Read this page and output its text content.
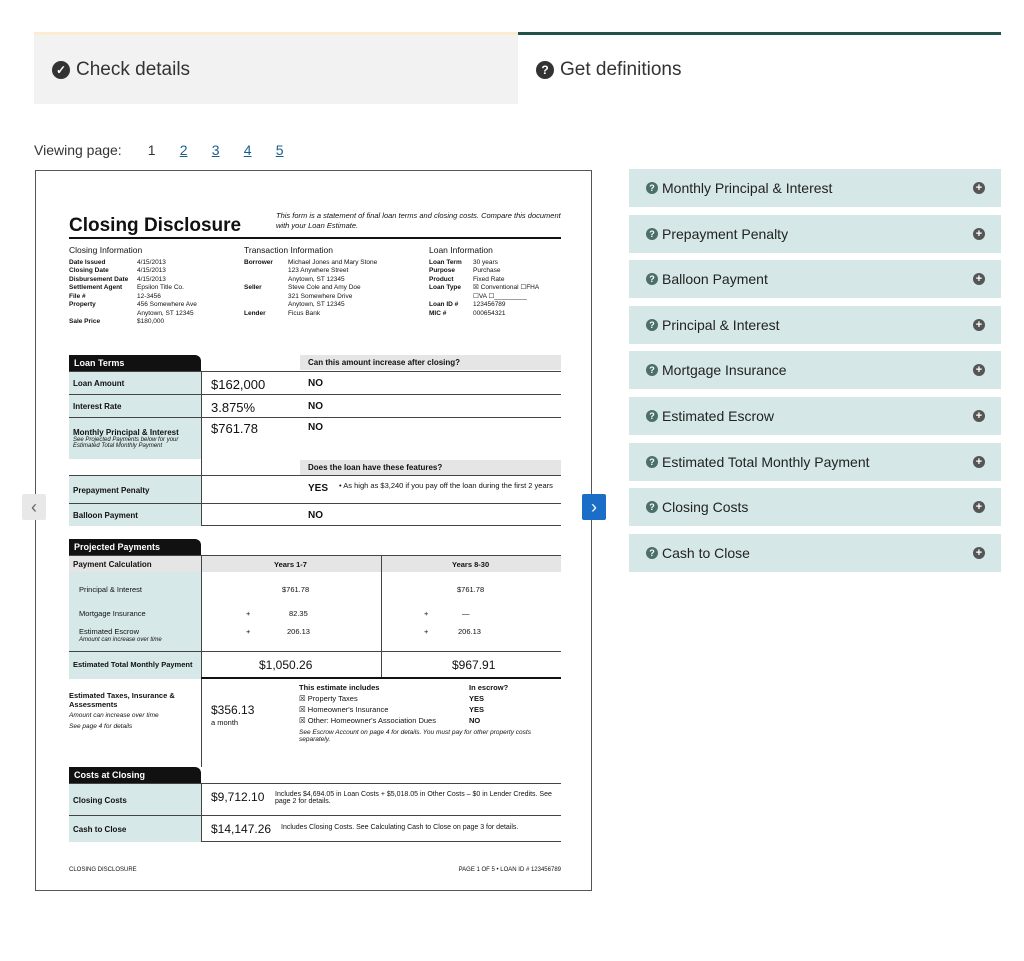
✓ Check details	? Get definitions
Viewing page: 1	2	3	4	5
Closing Disclosure	This form is a statement of final loan terms and closing costs. Compare this document with your Loan Estimate.
Closing Information
Date Issued	4/15/2013
Closing Date	4/15/2013
Disbursement Date	4/15/2013
Settlement Agent	Epsilon Title Co.
File #	12-3456
Property	456 Somewhere Ave
Anytown, ST 12345
Sale Price	$180,000
Transaction Information
Borrower	Michael Jones and Mary Stone
123 Anywhere Street
Anytown, ST 12345
Seller	Steve Cole and Amy Doe
321 Somewhere Drive
Anytown, ST 12345
Lender	Ficus Bank
Loan Information
Loan Term	30 years
Purpose	Purchase
Product	Fixed Rate
Loan Type	☒ Conventional ☐FHA
☐VA ☐_________
Loan ID #	123456789
MIC #	000654321
Loan Terms	Can this amount increase after closing?
Loan Amount	$162,000	NO
Interest Rate	3.875%	NO
Monthly Principal & Interest
See Projected Payments below for your Estimated Total Monthly Payment
$761.78	NO
Does the loan have these features?
Prepayment Penalty	YES • As high as $3,240 if you pay off the loan during the first 2 years
Balloon Payment	NO
Projected Payments
Payment Calculation	Years 1-7	Years 8-30
Principal & Interest	$761.78	$761.78
Mortgage Insurance	+	82.35	+	—
Estimated Escrow
Amount can increase over time
+	206.13	+	206.13
Estimated Total Monthly Payment	$1,050.26	$967.91
Estimated Taxes, Insurance & Assessments
Amount can increase over time
See page 4 for details
$356.13
a month
This estimate includes	In escrow?
☒ Property Taxes	YES
☒ Homeowner's Insurance	YES
☒ Other: Homeowner's Association Dues	NO
See Escrow Account on page 4 for details. You must pay for other property costs separately.
Costs at Closing
Closing Costs	$9,712.10 Includes $4,694.05 in Loan Costs + $5,018.05 in Other Costs – $0 in Lender Credits. See page 2 for details.
Cash to Close	$14,147.26 Includes Closing Costs. See Calculating Cash to Close on page 3 for details.
CLOSING DISCLOSURE	PAGE 1 OF 5 • LOAN ID # 123456789
‹	›
? Monthly Principal & Interest	+
? Prepayment Penalty	+
? Balloon Payment	+
? Principal & Interest	+
? Mortgage Insurance	+
? Estimated Escrow	+
? Estimated Total Monthly Payment	+
? Closing Costs	+
? Cash to Close	+
